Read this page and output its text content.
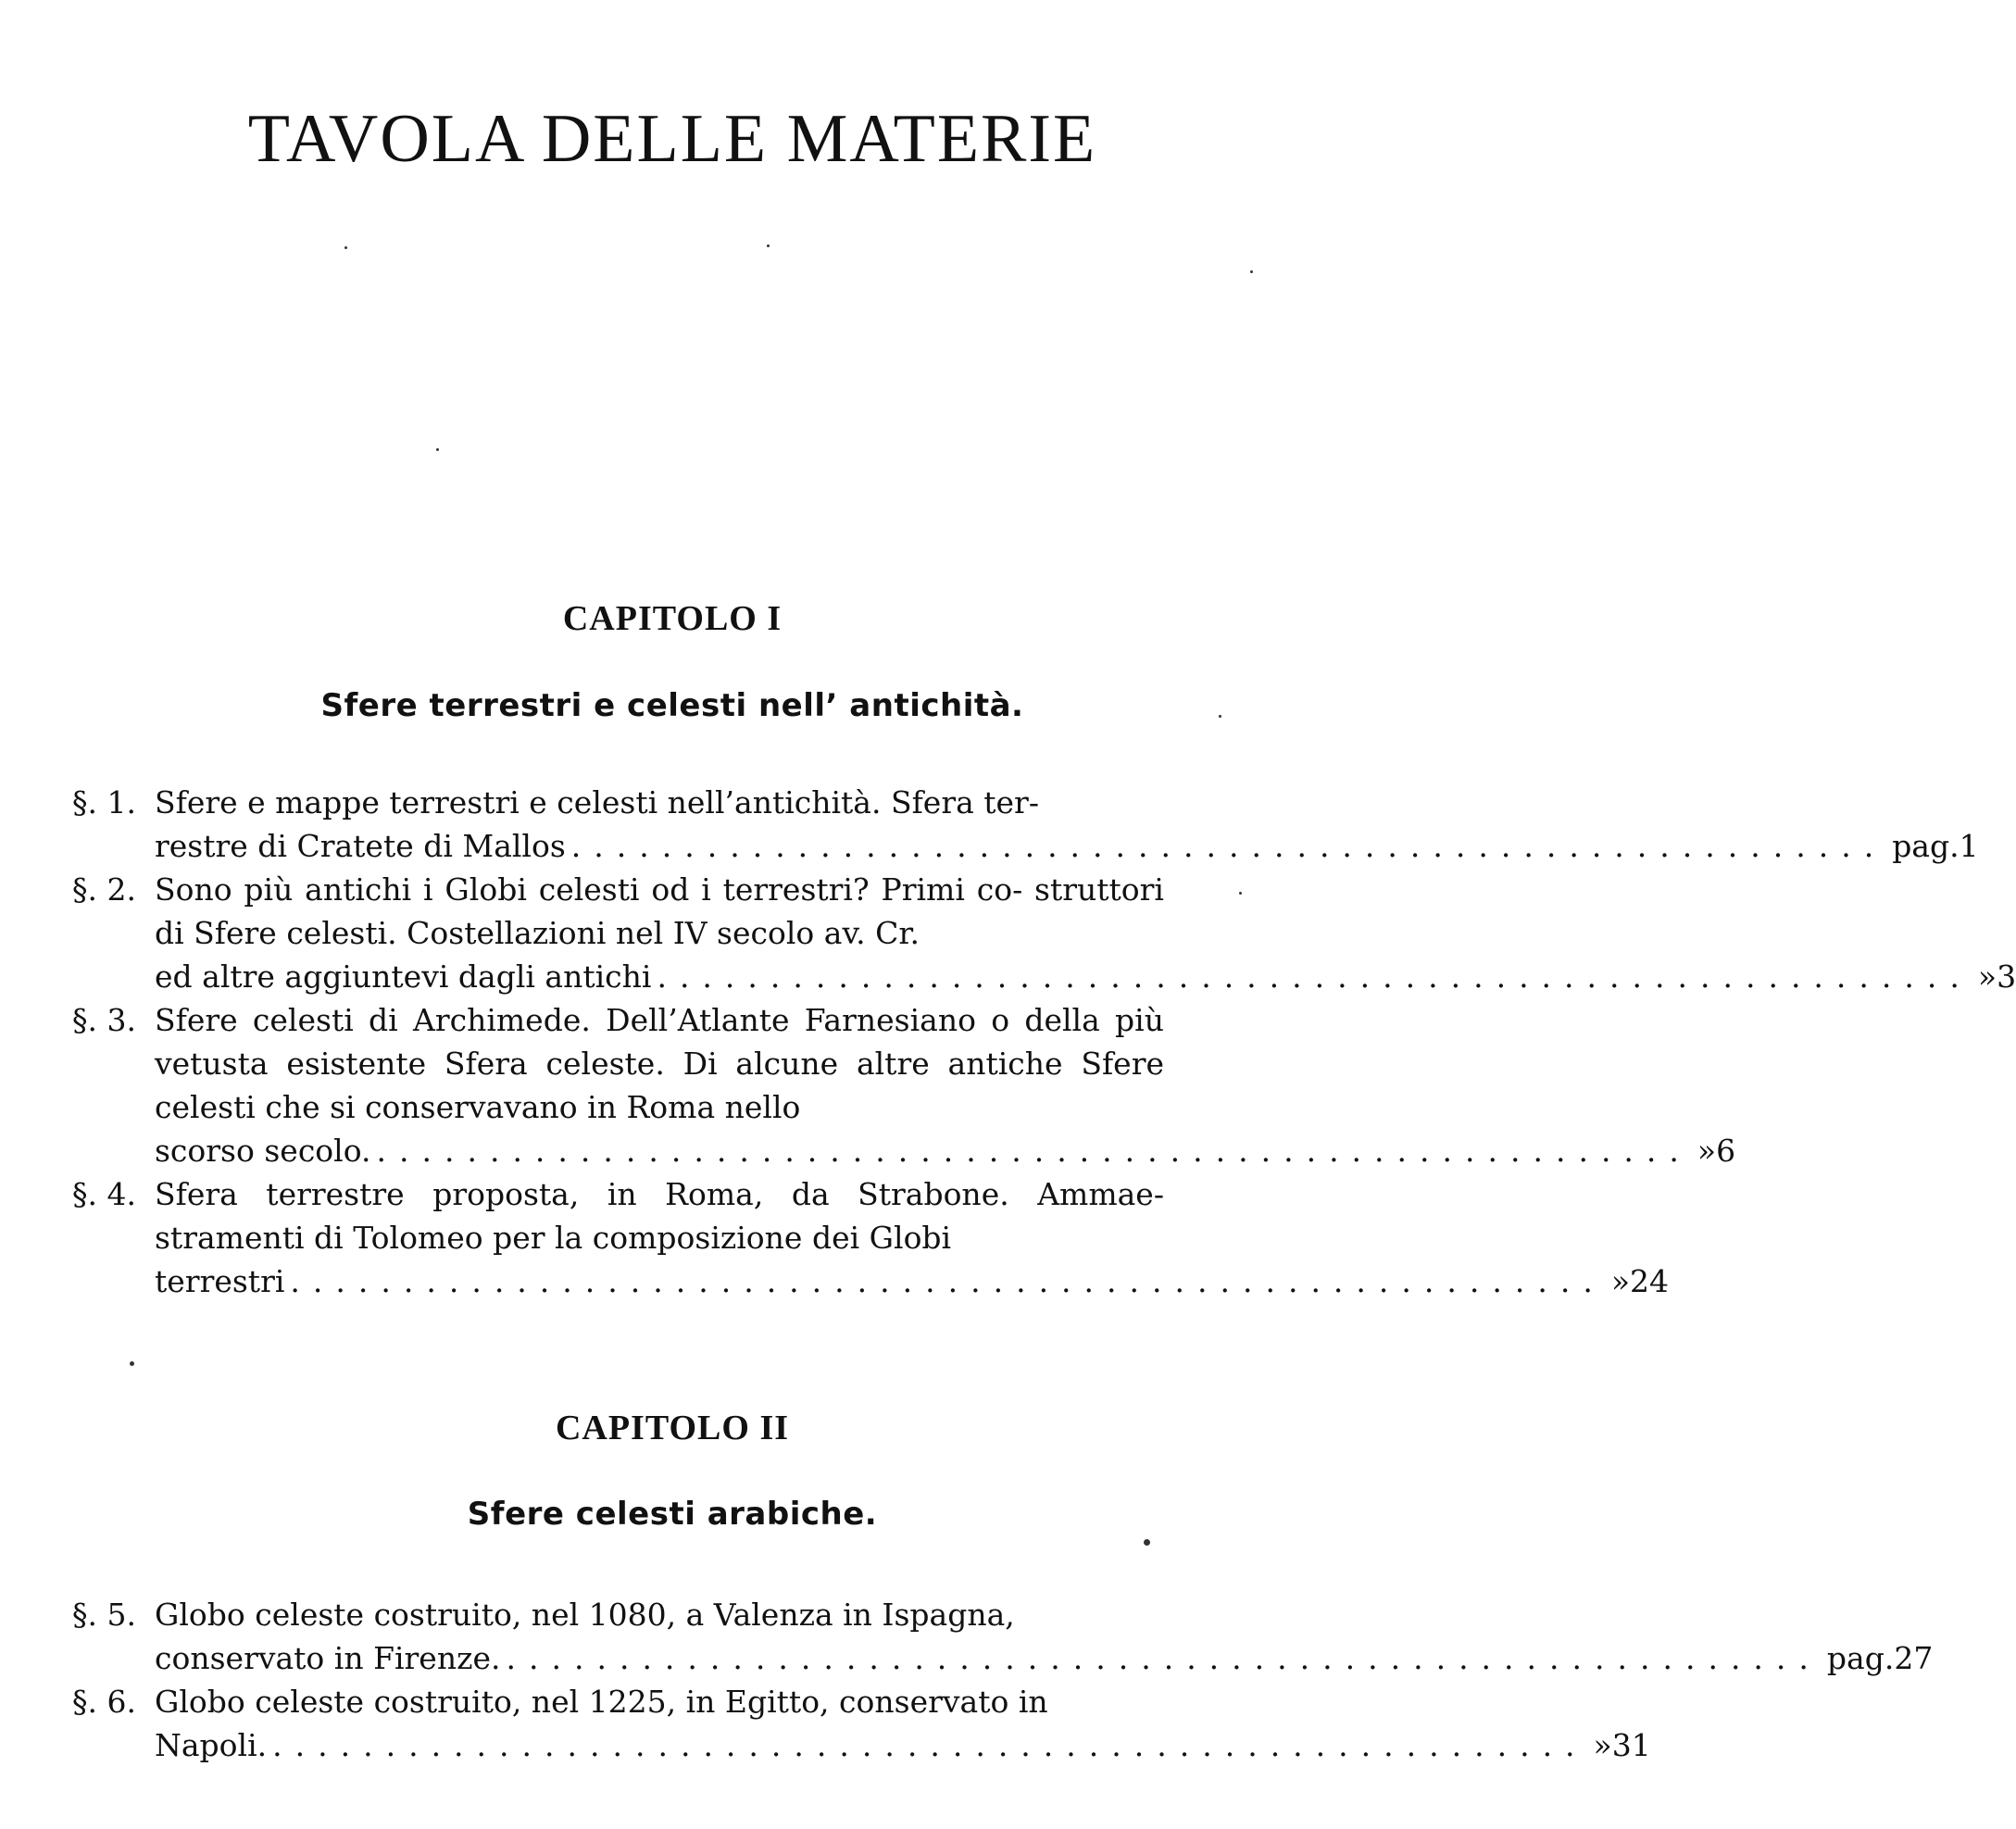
TAVOLA DELLE MATERIE
CAPITOLO I
Sfere terrestri e celesti nell’ antichità.
§. 1. Sfere e mappe terrestri e celesti nell’antichità. Sfera ter-
restre di Cratete di Mallos .......................................................... pag. 1
§. 2. Sono più antichi i Globi celesti od i terrestri? Primi co- struttori di Sfere celesti. Costellazioni nel IV secolo av. Cr.
ed altre aggiuntevi dagli antichi .......................................................... » 3
§. 3. Sfere celesti di Archimede. Dell’Atlante Farnesiano o della più vetusta esistente Sfera celeste. Di alcune altre antiche Sfere celesti che si conservavano in Roma nello
scorso secolo. .......................................................... » 6
§. 4. Sfera terrestre proposta, in Roma, da Strabone. Ammae- stramenti di Tolomeo per la composizione dei Globi
terrestri .......................................................... » 24
CAPITOLO II
Sfere celesti arabiche.
§. 5. Globo celeste costruito, nel 1080, a Valenza in Ispagna,
conservato in Firenze. .......................................................... pag. 27
§. 6. Globo celeste costruito, nel 1225, in Egitto, conservato in
Napoli. .......................................................... » 31
